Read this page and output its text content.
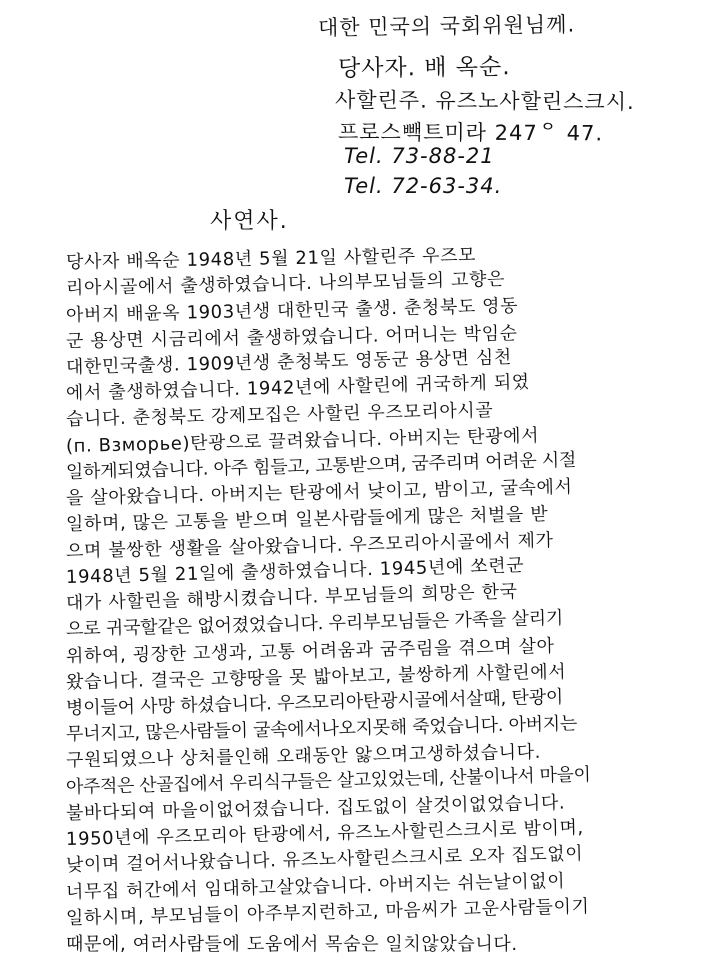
대한 민국의 국회위원님께.
당사자. 배 옥순.
사할린주. 유즈노사할린스크시.
프로스빽트미라 247ᄋ 47.
Tel. 73-88-21
Tel. 72-63-34.
사연사.
당사자 배옥순 1948년 5월 21일 사할린주 우즈모
리아시골에서 출생하였습니다. 나의부모님들의 고향은
아버지 배윤옥 1903년생 대한민국 출생. 춘청북도 영동
군 용상면 시금리에서 출생하였습니다. 어머니는 박임순
대한민국출생. 1909년생 춘청북도 영동군 용상면 심천
에서 출생하였습니다. 1942년에 사할린에 귀국하게 되였
습니다. 춘청북도 강제모집은 사할린 우즈모리아시골
(п. Взморье)탄광으로 끌려왔습니다. 아버지는 탄광에서
일하게되였습니다. 아주 힘들고, 고통받으며, 굼주리며 어려운 시절
을 살아왔습니다. 아버지는 탄광에서 낮이고, 밤이고, 굴속에서
일하며, 많은 고통을 받으며 일본사람들에게 많은 처벌을 받
으며 불쌍한 생활을 살아왔습니다. 우즈모리아시골에서 제가
1948년 5월 21일에 출생하였습니다. 1945년에 쏘련군
대가 사할린을 해방시켰습니다. 부모님들의 희망은 한국
으로 귀국할같은 없어졌었습니다. 우리부모님들은 가족을 살리기
위하여, 굉장한 고생과, 고통 어려움과 굼주림을 겪으며 살아
왔습니다. 결국은 고향땅을 못 밟아보고, 불쌍하게 사할린에서
병이들어 사망 하셨습니다. 우즈모리아탄광시골에서살때, 탄광이
무너지고, 많은사람들이 굴속에서나오지못해 죽었습니다. 아버지는
구원되였으나 상처를인해 오래동안 앓으며고생하셨습니다.
아주적은 산골집에서 우리식구들은 살고있었는데, 산불이나서 마을이
불바다되여 마을이없어졌습니다. 집도없이 살것이없었습니다.
1950년에 우즈모리아 탄광에서, 유즈노사할린스크시로 밤이며,
낮이며 걸어서나왔습니다. 유즈노사할린스크시로 오자 집도없이
너무집 허간에서 임대하고살았습니다. 아버지는 쉬는날이없이
일하시며, 부모님들이 아주부지런하고, 마음씨가 고운사람들이기
때문에, 여러사람들에 도움에서 목숨은 일치않았습니다.
